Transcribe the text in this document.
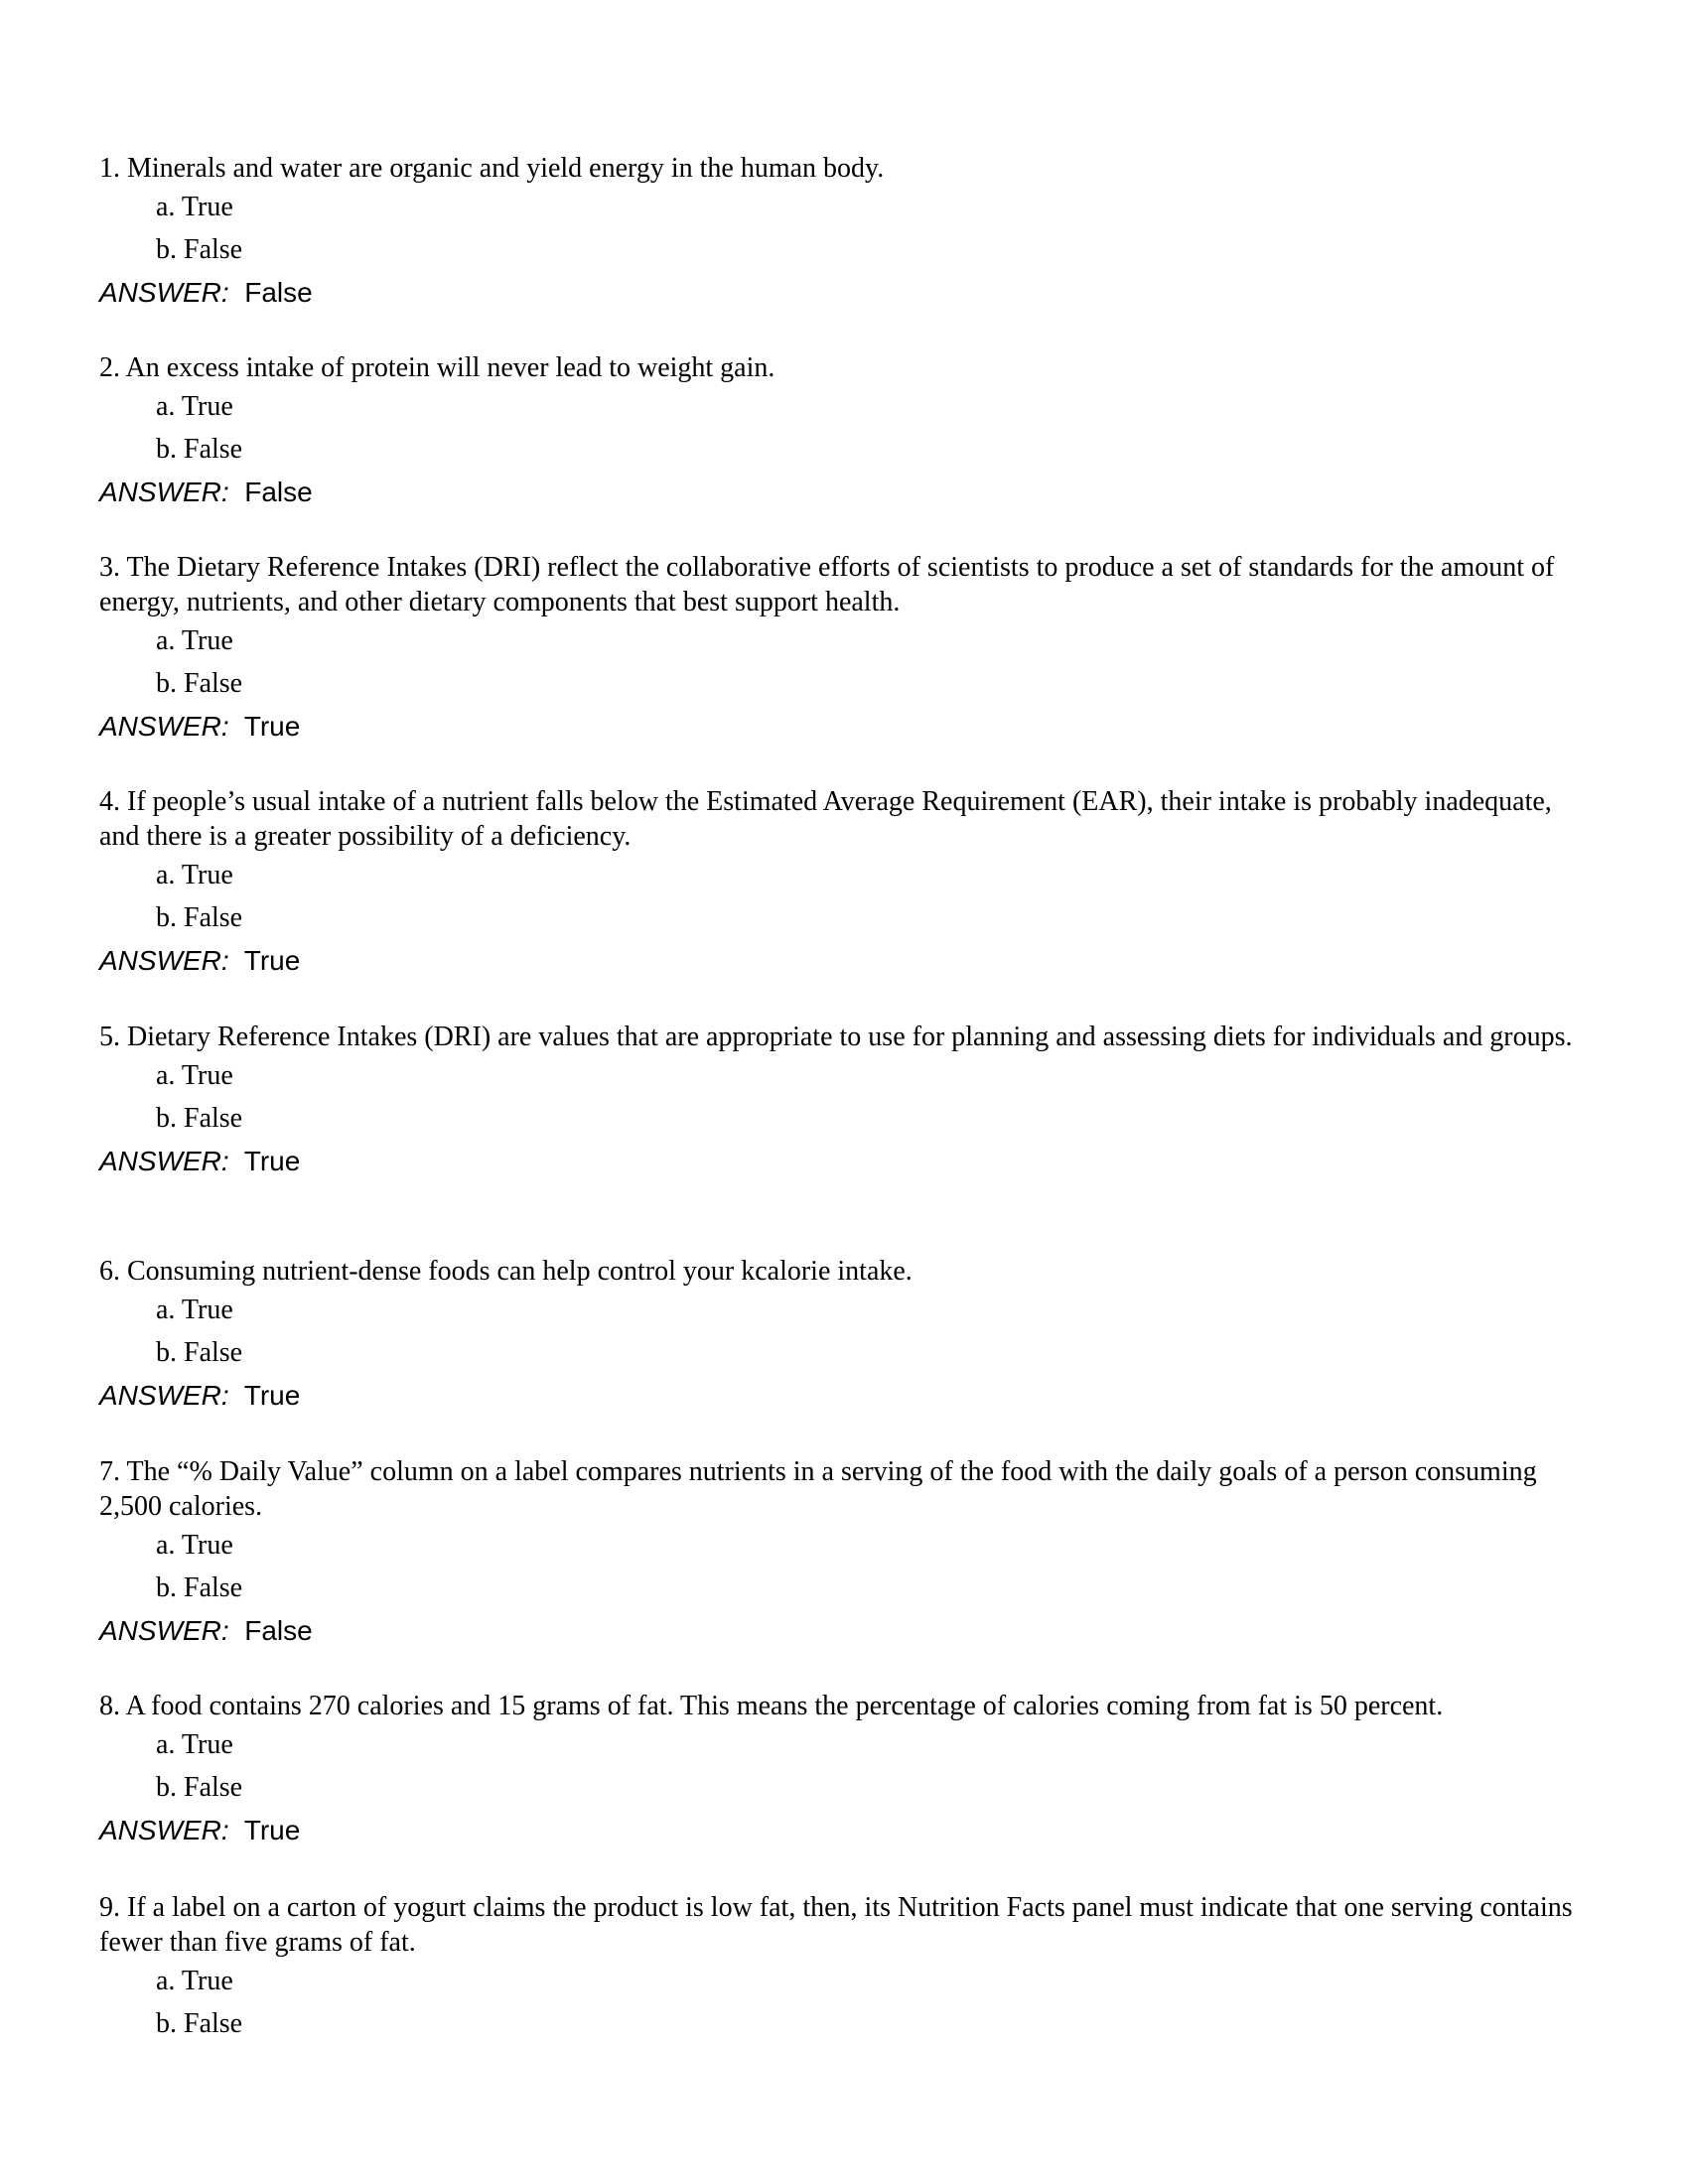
1. Minerals and water are organic and yield energy in the human body.

a. True
b. False
ANSWER: False

2. An excess intake of protein will never lead to weight gain.

a. True
b. False
ANSWER: False

3. The Dietary Reference Intakes (DRI) reflect the collaborative efforts of scientists to produce a set of standards for the amount of energy, nutrients, and other dietary components that best support health.

a. True
b. False
ANSWER: True

4. If people’s usual intake of a nutrient falls below the Estimated Average Requirement (EAR), their intake is probably inadequate, and there is a greater possibility of a deficiency.

a. True
b. False
ANSWER: True

5. Dietary Reference Intakes (DRI) are values that are appropriate to use for planning and assessing diets for individuals and groups.

a. True
b. False
ANSWER: True

6. Consuming nutrient-dense foods can help control your kcalorie intake.

a. True
b. False
ANSWER: True

7. The “% Daily Value” column on a label compares nutrients in a serving of the food with the daily goals of a person consuming 2,500 calories.

a. True
b. False
ANSWER: False

8. A food contains 270 calories and 15 grams of fat. This means the percentage of calories coming from fat is 50 percent.

a. True
b. False
ANSWER: True

9. If a label on a carton of yogurt claims the product is low fat, then, its Nutrition Facts panel must indicate that one serving contains fewer than five grams of fat.

a. True
b. False
